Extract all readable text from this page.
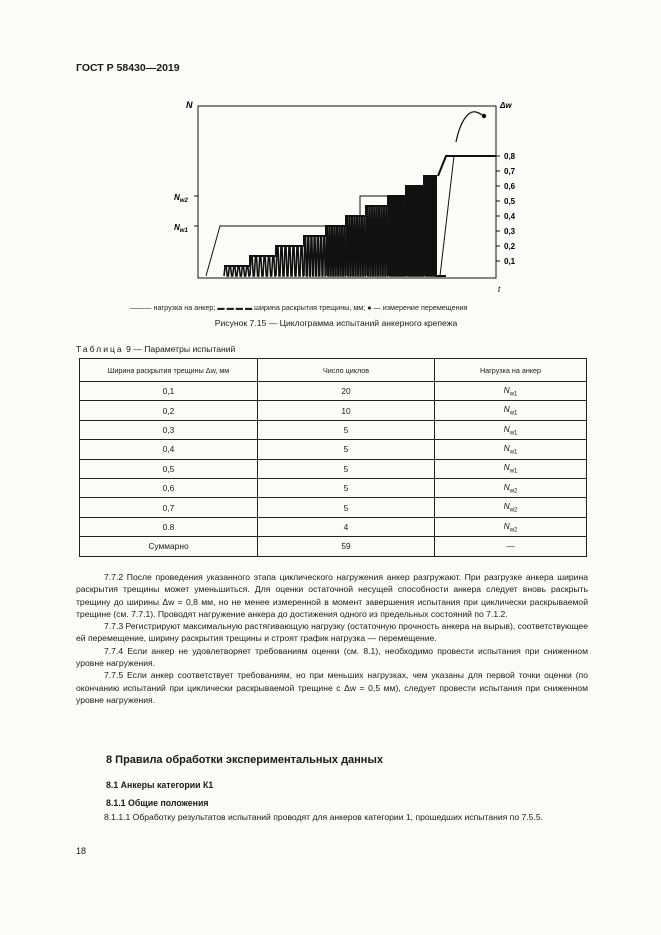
ГОСТ Р 58430—2019
N	Δw
t
$N_{w2}$
$N_{w1}$
0,8
0,7
0,6
0,5
0,4
0,3
0,2
0,1
——— нагрузка на анкер; ▬ ▬ ▬ ▬ ширина раскрытия трещины, мм; ● — измерение перемещения
Рисунок 7.15 — Циклограмма испытаний анкерного крепежа
Таблица 9 — Параметры испытаний
Ширина раскрытия трещины Δw, мм	Число циклов	Нагрузка на анкер
0,1	20	$N_{w1}$
0,2	10	$N_{w1}$
0,3	5	$N_{w1}$
0,4	5	$N_{w1}$
0,5	5	$N_{w1}$
0,6	5	$N_{w2}$
0,7	5	$N_{w2}$
0.8	4	$N_{w2}$
Суммарно	59	—

7.7.2 После проведения указанного этапа циклического нагружения анкер разгружают. При разгрузке анкера ширина раскрытия трещины может уменьшиться. Для оценки остаточной несущей способности анкера следует вновь раскрыть трещину до ширины Δw = 0,8 мм, но не менее измеренной в момент завершения испытания при циклически раскрываемой трещине (см. 7.7.1). Проводят нагружение анкера до достижения одного из предельных состояний по 7.1.2.

7.7.3 Регистрируют максимальную растягивающую нагрузку (остаточную прочность анкера на вырыв), соответствующее ей перемещение, ширину раскрытия трещины и строят график нагрузка — перемещение.

7.7.4 Если анкер не удовлетворяет требованиям оценки (см. 8.1), необходимо провести испытания при сниженном уровне нагружения.

7.7.5 Если анкер соответствует требованиям, но при меньших нагрузках, чем указаны для первой точки оценки (по окончанию испытаний при циклически раскрываемой трещине с Δw = 0,5 мм), следует провести испытания при сниженном уровне нагружения.

8 Правила обработки экспериментальных данных
8.1 Анкеры категории К1
8.1.1 Общие положения

8.1.1.1 Обработку результатов испытаний проводят для анкеров категории 1, прошедших испытания по 7.5.5.

18
